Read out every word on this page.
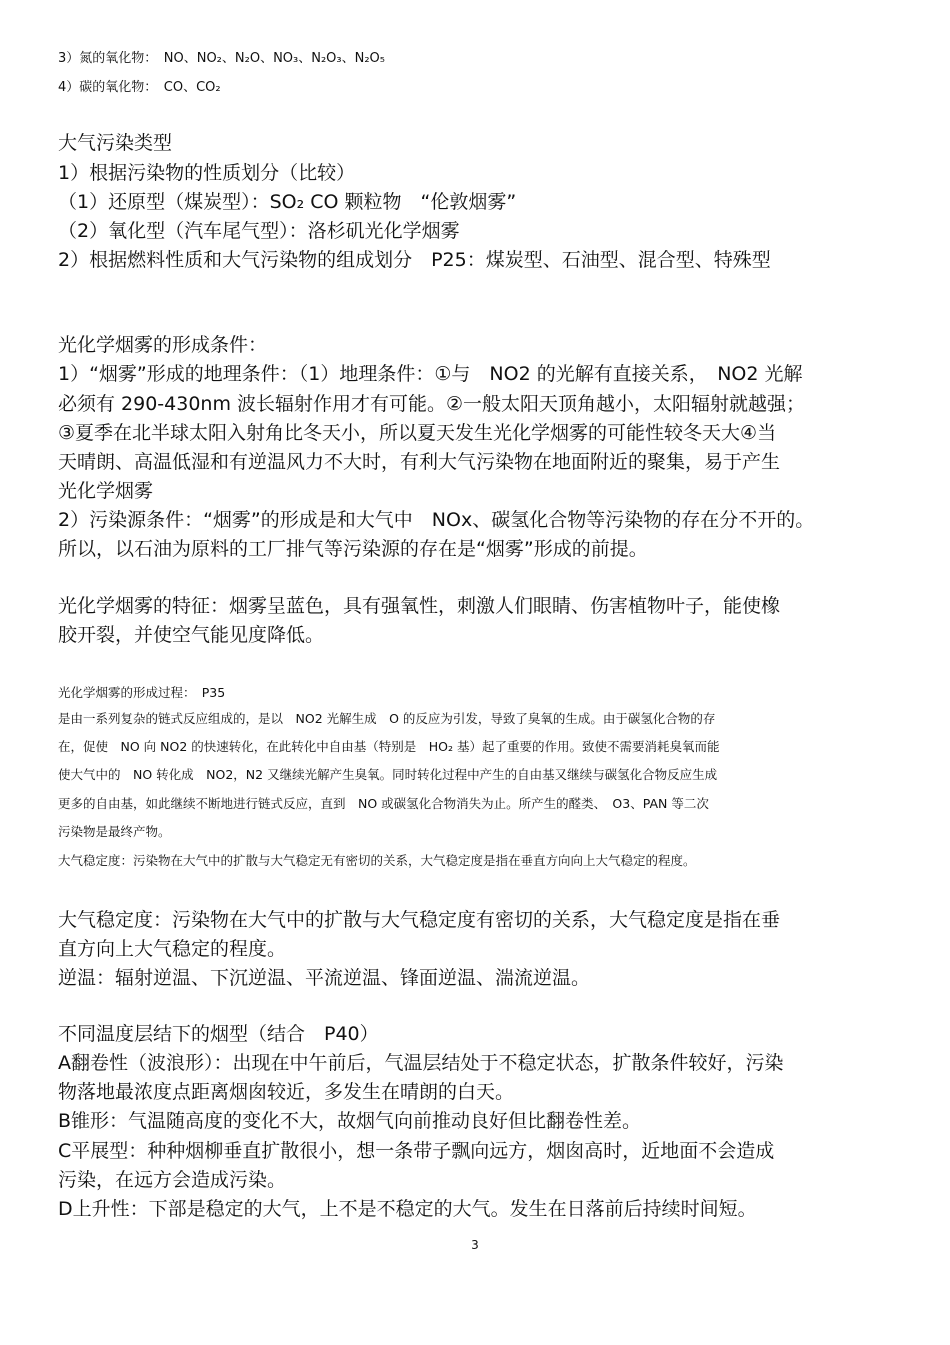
3）氮的氧化物：　NO、NO₂、N₂O、NO₃、N₂O₃、N₂O₅

4）碳的氧化物：　CO、CO₂

大气污染类型

1）根据污染物的性质划分（比较）

（1）还原型（煤炭型）：SO₂ CO 颗粒物　“伦敦烟雾”

（2）氧化型（汽车尾气型）：洛杉矶光化学烟雾

2）根据燃料性质和大气污染物的组成划分　P25：煤炭型、石油型、混合型、特殊型

光化学烟雾的形成条件：

1）“烟雾”形成的地理条件：（1）地理条件：①与　NO2 的光解有直接关系，　NO2 光解

必须有 290-430nm 波长辐射作用才有可能。②一般太阳天顶角越小，太阳辐射就越强；

③夏季在北半球太阳入射角比冬天小，所以夏天发生光化学烟雾的可能性较冬天大④当

天晴朗、高温低湿和有逆温风力不大时，有利大气污染物在地面附近的聚集，易于产生

光化学烟雾

2）污染源条件：“烟雾”的形成是和大气中　NOx、碳氢化合物等污染物的存在分不开的。

所以，以石油为原料的工厂排气等污染源的存在是“烟雾”形成的前提。

光化学烟雾的特征：烟雾呈蓝色，具有强氧性，刺激人们眼睛、伤害植物叶子，能使橡

胶开裂，并使空气能见度降低。

光化学烟雾的形成过程：　P35

是由一系列复杂的链式反应组成的，是以　NO2 光解生成　O 的反应为引发，导致了臭氧的生成。由于碳氢化合物的存

在，促使　NO 向 NO2 的快速转化，在此转化中自由基（特别是　HO₂ 基）起了重要的作用。致使不需要消耗臭氧而能

使大气中的　NO 转化成　NO2，N2 又继续光解产生臭氧。同时转化过程中产生的自由基又继续与碳氢化合物反应生成

更多的自由基，如此继续不断地进行链式反应，直到　NO 或碳氢化合物消失为止。所产生的醛类、　O3、PAN 等二次

污染物是最终产物。

大气稳定度：污染物在大气中的扩散与大气稳定无有密切的关系，大气稳定度是指在垂直方向向上大气稳定的程度。

大气稳定度：污染物在大气中的扩散与大气稳定度有密切的关系，大气稳定度是指在垂

直方向上大气稳定的程度。

逆温：辐射逆温、下沉逆温、平流逆温、锋面逆温、湍流逆温。

不同温度层结下的烟型（结合　P40）

A翻卷性（波浪形）：出现在中午前后，气温层结处于不稳定状态，扩散条件较好，污染

物落地最浓度点距离烟囱较近，多发生在晴朗的白天。

B锥形：气温随高度的变化不大，故烟气向前推动良好但比翻卷性差。

C平展型：种种烟柳垂直扩散很小，想一条带子飘向远方，烟囱高时，近地面不会造成

污染，在远方会造成污染。

D上升性：下部是稳定的大气，上不是不稳定的大气。发生在日落前后持续时间短。

3
